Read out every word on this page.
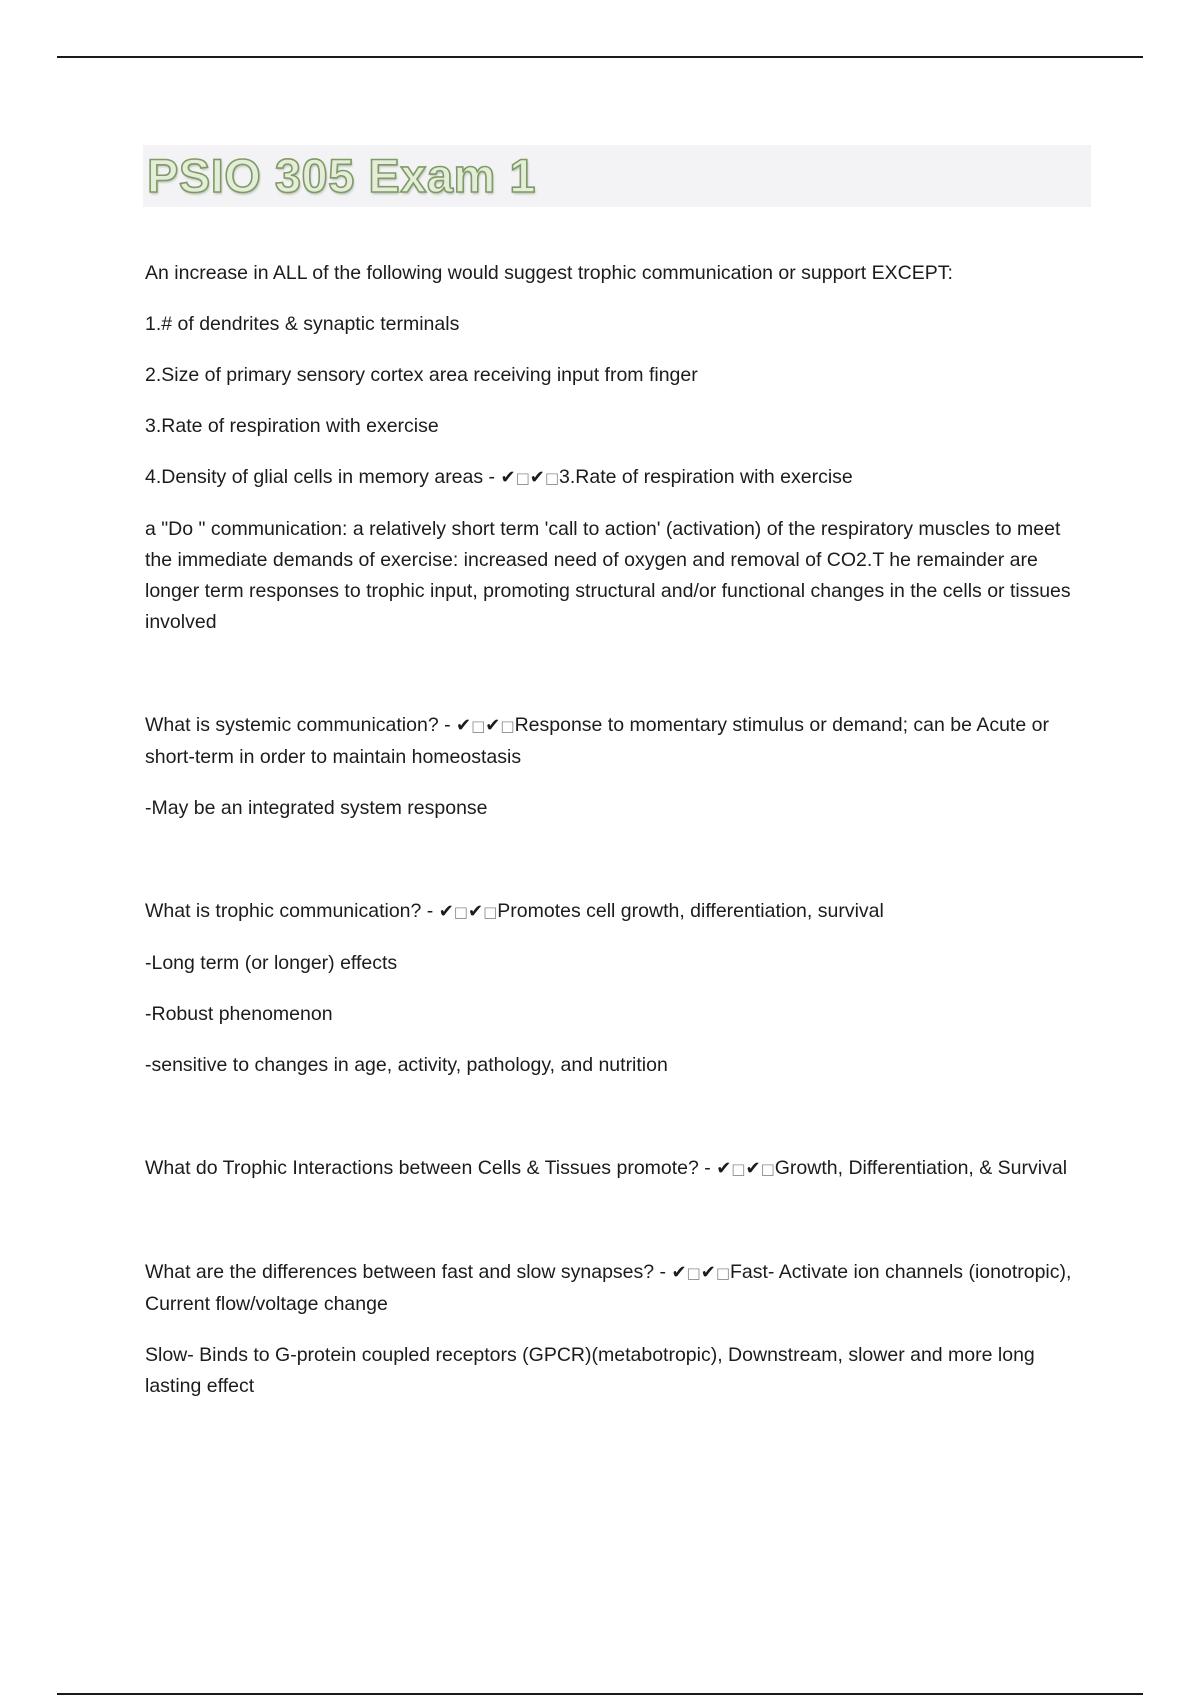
PSIO 305 Exam 1

An increase in ALL of the following would suggest trophic communication or support EXCEPT:

1.# of dendrites & synaptic terminals

2.Size of primary sensory cortex area receiving input from finger

3.Rate of respiration with exercise

4.Density of glial cells in memory areas - ✔□✔□3.Rate of respiration with exercise

a "Do " communication: a relatively short term 'call to action' (activation) of the respiratory muscles to meet the immediate demands of exercise: increased need of oxygen and removal of CO2.T he remainder are longer term responses to trophic input, promoting structural and/or functional changes in the cells or tissues involved

What is systemic communication? - ✔□✔□Response to momentary stimulus or demand; can be Acute or short-term in order to maintain homeostasis

-May be an integrated system response

What is trophic communication? - ✔□✔□Promotes cell growth, differentiation, survival

-Long term (or longer) effects

-Robust phenomenon

-sensitive to changes in age, activity, pathology, and nutrition

What do Trophic Interactions between Cells & Tissues promote? - ✔□✔□Growth, Differentiation, & Survival

What are the differences between fast and slow synapses? - ✔□✔□Fast- Activate ion channels (ionotropic), Current flow/voltage change

Slow- Binds to G-protein coupled receptors (GPCR)(metabotropic), Downstream, slower and more long lasting effect
